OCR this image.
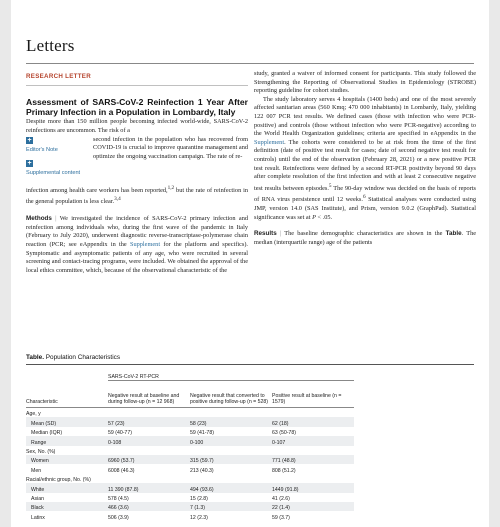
Letters
RESEARCH LETTER
Assessment of SARS-CoV-2 Reinfection 1 Year After Primary Infection in a Population in Lombardy, Italy

Despite more than 150 million people becoming infected world-wide, SARS-CoV-2 reinfections are uncommon. The risk of a

+
Editor's Note
+
Supplemental content

second infection in the population who has recovered from COVID-19 is crucial to improve quarantine management and optimize the ongoing vaccination campaign. The rate of re-

infection among health care workers has been reported,$^{1,2}$ but the rate of reinfection in the general population is less clear.$^{3,4}$

Methods | We investigated the incidence of SARS-CoV-2 primary infection and reinfection among individuals who, during the first wave of the pandemic in Italy (February to July 2020), underwent diagnostic reverse-transcriptase-polymerase chain reaction (PCR; see eAppendix in the Supplement for the platform and specifics). Symptomatic and asymptomatic patients of any age, who were recruited in several screening and contact-tracing programs, were included. We obtained the approval of the local ethics committee, which, because of the observational characteristic of the

study, granted a waiver of informed consent for participants. This study followed the Strengthening the Reporting of Observational Studies in Epidemiology (STROBE) reporting guideline for cohort studies.

The study laboratory serves 4 hospitals (1400 beds) and one of the most severely affected sanitarian areas (560 Kmq; 470 000 inhabitants) in Lombardy, Italy, yielding 122 007 PCR test results. We defined cases (those with infection who were PCR-positive) and controls (those without infection who were PCR-negative) according to the World Health Organization guidelines; criteria are specified in eAppendix in the Supplement. The cohorts were considered to be at risk from the time of the first definition (date of positive test result for cases; date of second negative test result for controls) until the end of the observation (February 28, 2021) or a new positive PCR test result. Reinfections were defined by a second RT-PCR positivity beyond 90 days after complete resolution of the first infection and with at least 2 consecutive negative test results between episodes.$^5$ The 90-day window was decided on the basis of reports of RNA virus persistence until 12 weeks.$^6$ Statistical analyses were conducted using JMP, version 14.0 (SAS Institute), and Prism, version 9.0.2 (GraphPad). Statistical significance was set at P < .05.

Results | The baseline demographic characteristics are shown in the Table. The median (interquartile range) age of the patients

Table. Population Characteristics
	SARS-CoV-2 RT-PCR		
Characteristic	Negative result at baseline and during follow-up (n = 12 968)	Negative result that converted to positive during follow-up (n = 528)	Positive result at baseline (n = 1579)
Age, y			
Mean (SD)	57 (23)	58 (23)	62 (18)
Median (IQR)	59 (40-77)	59 (41-78)	63 (50-78)
Range	0-108	0-100	0-107
Sex, No. (%)			
Women	6960 (53.7)	315 (59.7)	771 (48.8)
Men	6008 (46.3)	213 (40.3)	808 (51.2)
Racial/ethnic group, No. (%)			
White	11 390 (87.8)	494 (93.6)	1449 (91.8)
Asian	578 (4.5)	15 (2.8)	41 (2.6)
Black	466 (3.6)	7 (1.3)	22 (1.4)
Latinx	506 (3.9)	12 (2.3)	59 (3.7)
